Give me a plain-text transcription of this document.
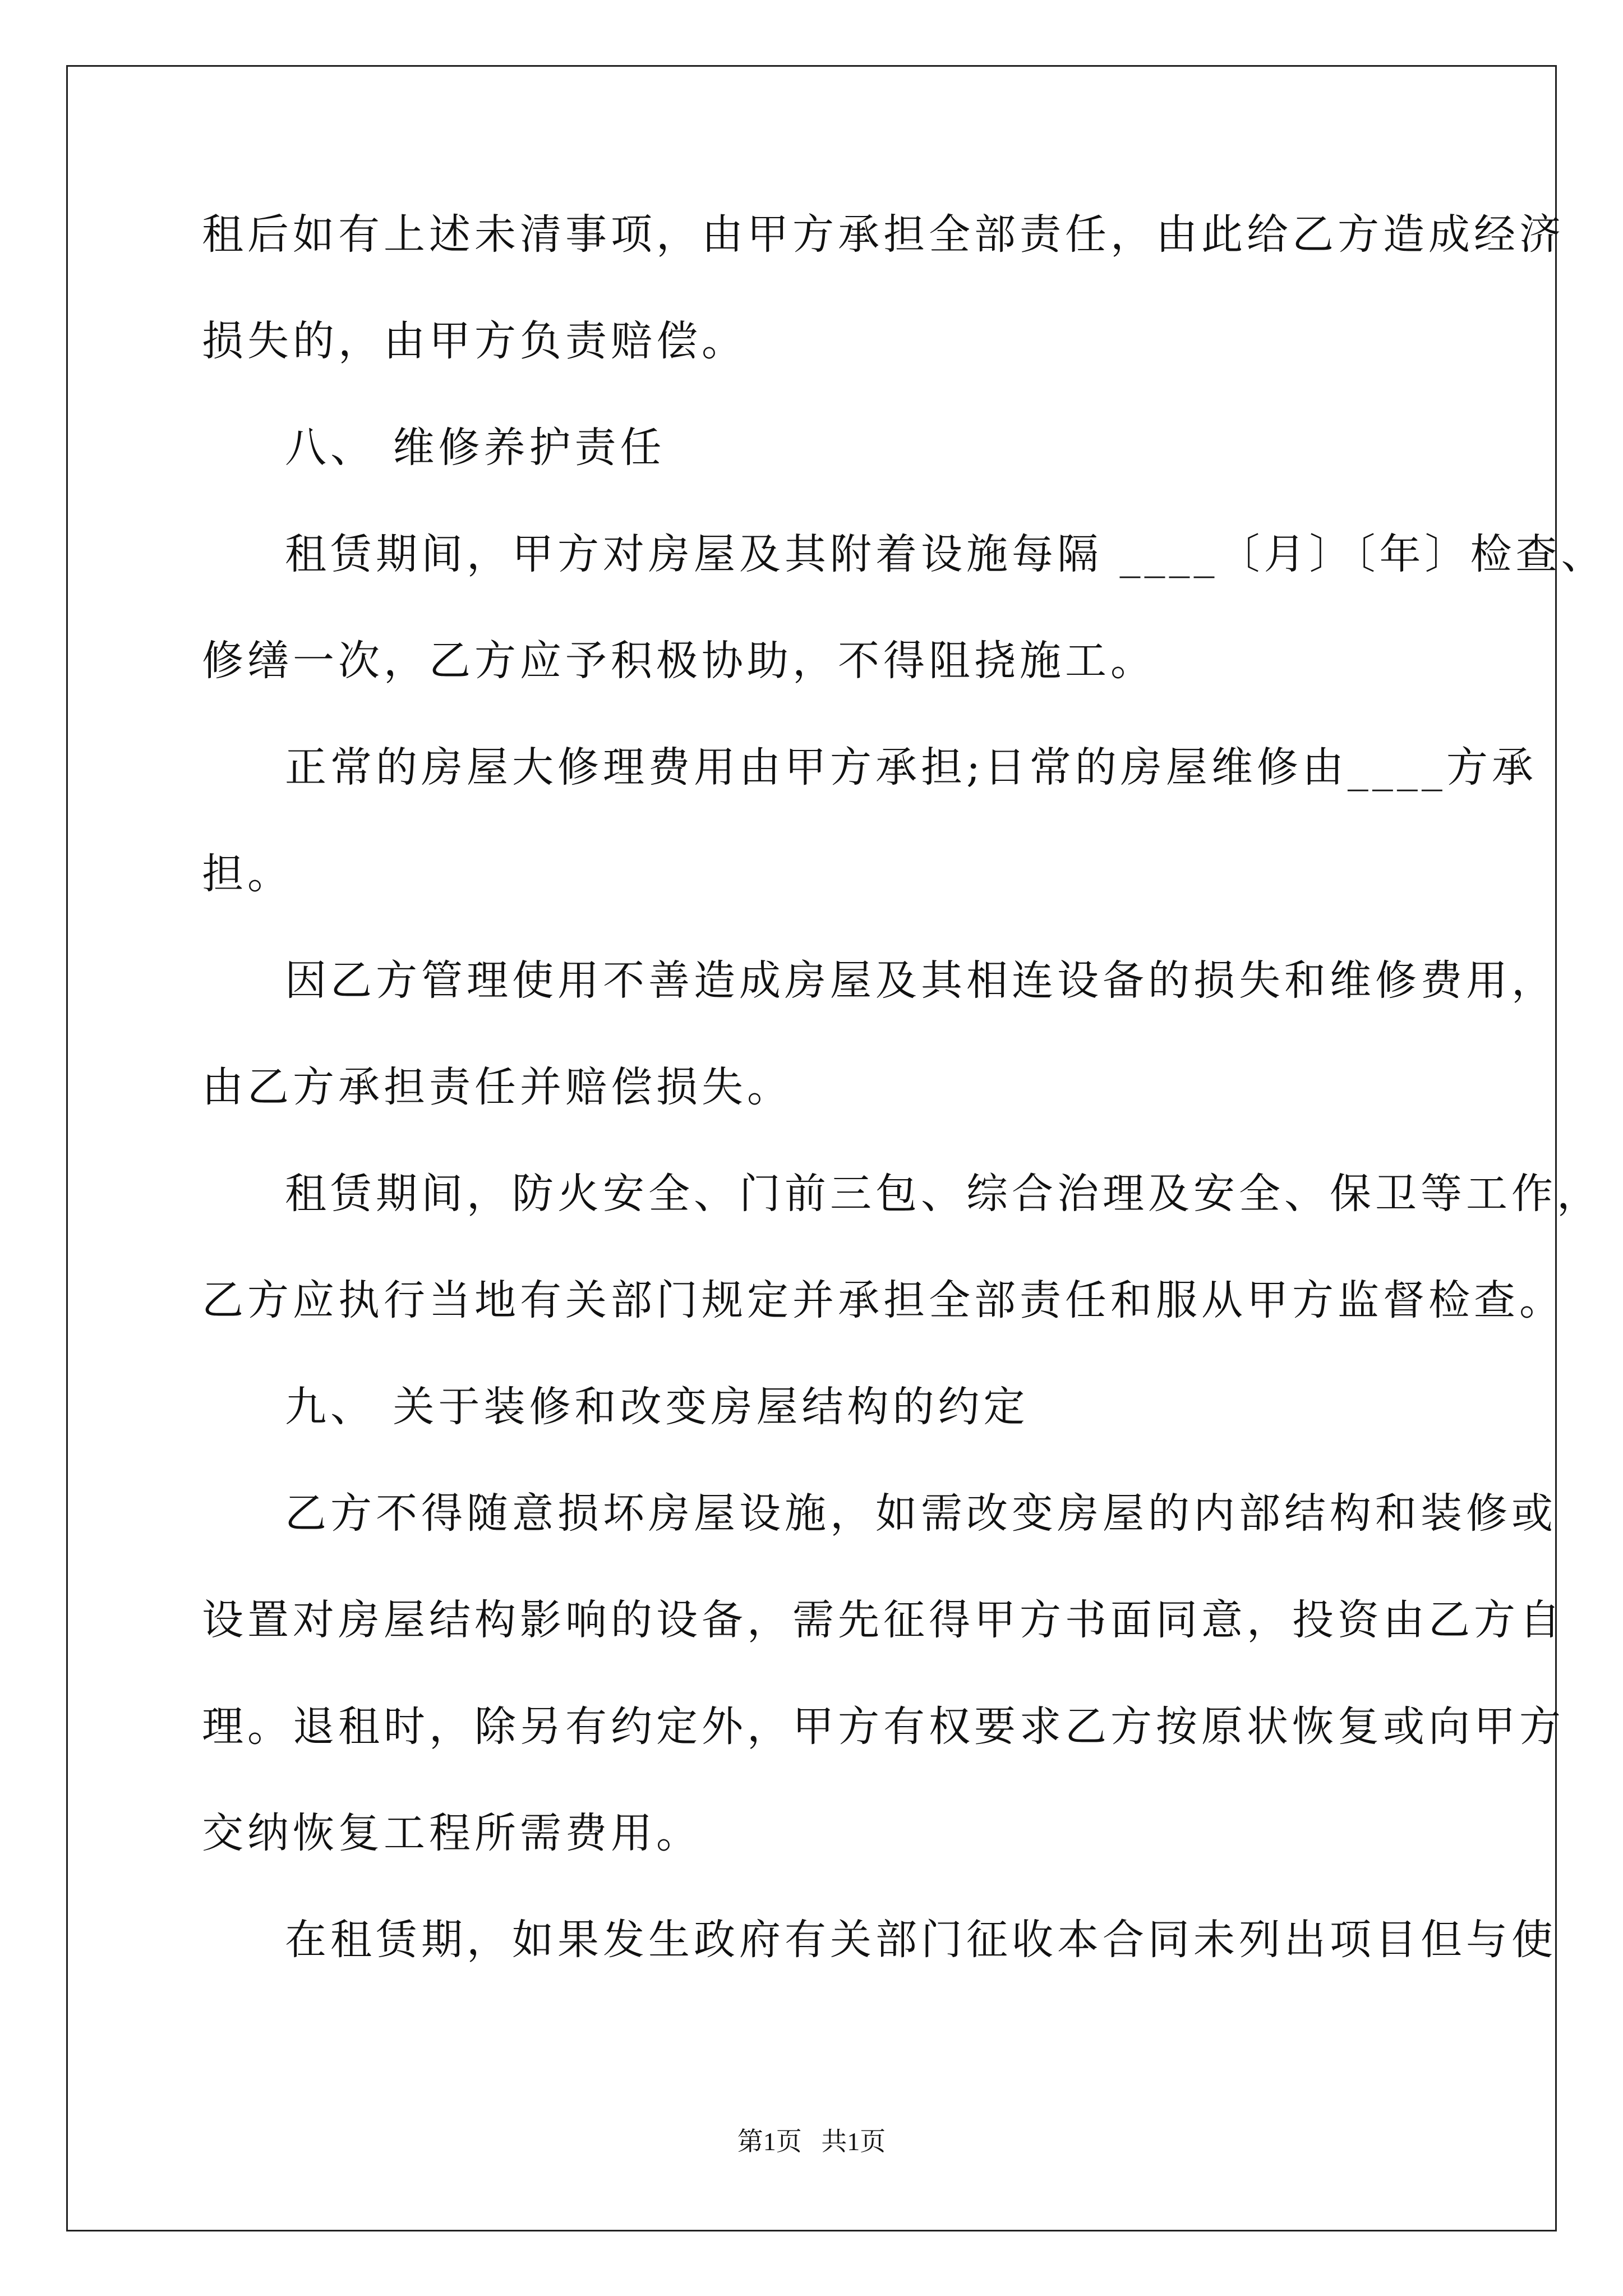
租后如有上述未清事项，由甲方承担全部责任，由此给乙方造成经济
损失的，由甲方负责赔偿。
八、 维修养护责任
租赁期间，甲方对房屋及其附着设施每隔 ____〔月〕〔年〕检查、
修缮一次，乙方应予积极协助，不得阻挠施工。
正常的房屋大修理费用由甲方承担;日常的房屋维修由____方承
担。
因乙方管理使用不善造成房屋及其相连设备的损失和维修费用，
由乙方承担责任并赔偿损失。
租赁期间，防火安全、门前三包、综合治理及安全、保卫等工作，
乙方应执行当地有关部门规定并承担全部责任和服从甲方监督检查。
九、 关于装修和改变房屋结构的约定
乙方不得随意损坏房屋设施，如需改变房屋的内部结构和装修或
设置对房屋结构影响的设备，需先征得甲方书面同意，投资由乙方自
理。退租时，除另有约定外，甲方有权要求乙方按原状恢复或向甲方
交纳恢复工程所需费用。
在租赁期，如果发生政府有关部门征收本合同未列出项目但与使
第1页   共1页
